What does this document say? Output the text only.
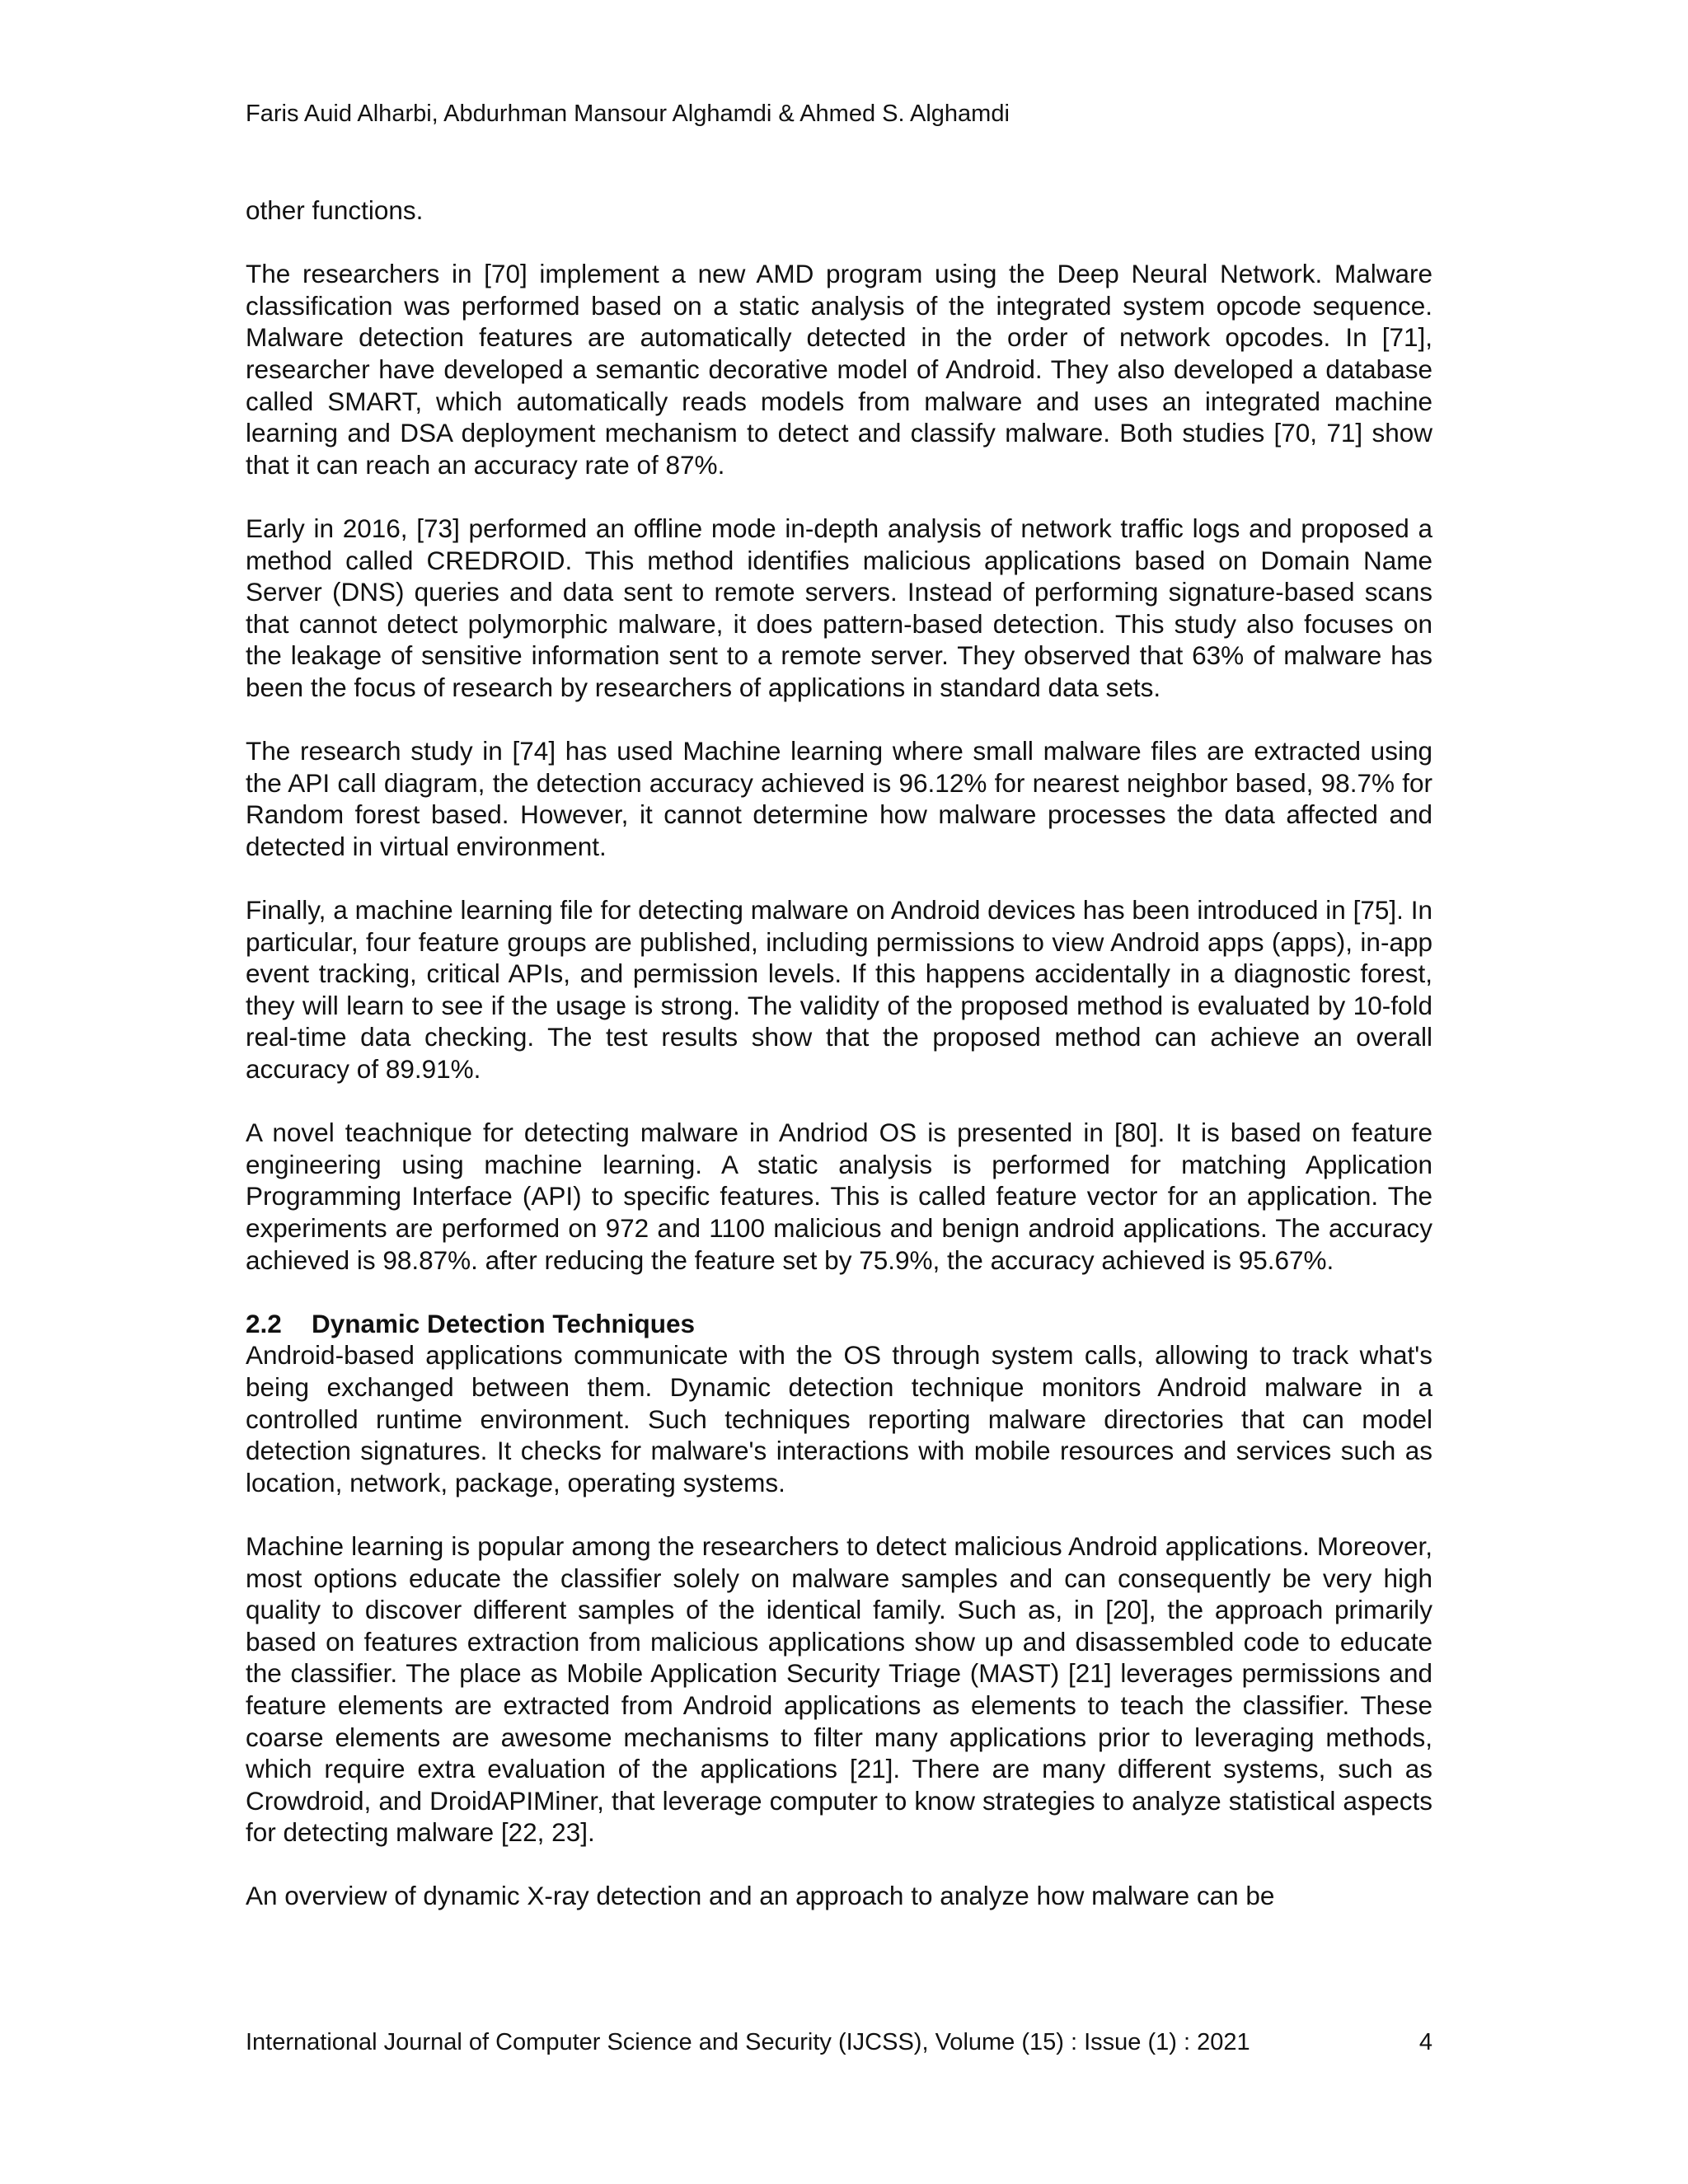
Faris Auid Alharbi, Abdurhman Mansour Alghamdi & Ahmed S. Alghamdi

other functions.

The researchers in [70] implement a new AMD program using the Deep Neural Network. Malware classification was performed based on a static analysis of the integrated system opcode sequence. Malware detection features are automatically detected in the order of network opcodes. In [71], researcher have developed a semantic decorative model of Android. They also developed a database called SMART, which automatically reads models from malware and uses an integrated machine learning and DSA deployment mechanism to detect and classify malware. Both studies [70, 71] show that it can reach an accuracy rate of 87%.

Early in 2016, [73] performed an offline mode in-depth analysis of network traffic logs and proposed a method called CREDROID. This method identifies malicious applications based on Domain Name Server (DNS) queries and data sent to remote servers. Instead of performing signature-based scans that cannot detect polymorphic malware, it does pattern-based detection. This study also focuses on the leakage of sensitive information sent to a remote server. They observed that 63% of malware has been the focus of research by researchers of applications in standard data sets.

The research study in [74] has used Machine learning where small malware files are extracted using the API call diagram, the detection accuracy achieved is 96.12% for nearest neighbor based, 98.7% for Random forest based. However, it cannot determine how malware processes the data affected and detected in virtual environment.

Finally, a machine learning file for detecting malware on Android devices has been introduced in [75]. In particular, four feature groups are published, including permissions to view Android apps (apps), in-app event tracking, critical APIs, and permission levels. If this happens accidentally in a diagnostic forest, they will learn to see if the usage is strong. The validity of the proposed method is evaluated by 10-fold real-time data checking. The test results show that the proposed method can achieve an overall accuracy of 89.91%.

A novel teachnique for detecting malware in Andriod OS is presented in [80]. It is based on feature engineering using machine learning. A static analysis is performed for matching Application Programming Interface (API) to specific features. This is called feature vector for an application. The experiments are performed on 972 and 1100 malicious and benign android applications. The accuracy achieved is 98.87%. after reducing the feature set by 75.9%, the accuracy achieved is 95.67%.

2.2 Dynamic Detection Techniques

Android-based applications communicate with the OS through system calls, allowing to track what's being exchanged between them. Dynamic detection technique monitors Android malware in a controlled runtime environment. Such techniques reporting malware directories that can model detection signatures. It checks for malware's interactions with mobile resources and services such as location, network, package, operating systems.

Machine learning is popular among the researchers to detect malicious Android applications. Moreover, most options educate the classifier solely on malware samples and can consequently be very high quality to discover different samples of the identical family. Such as, in [20], the approach primarily based on features extraction from malicious applications show up and disassembled code to educate the classifier. The place as Mobile Application Security Triage (MAST) [21] leverages permissions and feature elements are extracted from Android applications as elements to teach the classifier. These coarse elements are awesome mechanisms to filter many applications prior to leveraging methods, which require extra evaluation of the applications [21]. There are many different systems, such as Crowdroid, and DroidAPIMiner, that leverage computer to know strategies to analyze statistical aspects for detecting malware [22, 23].

An overview of dynamic X-ray detection and an approach to analyze how malware can be

International Journal of Computer Science and Security (IJCSS), Volume (15) : Issue (1) : 2021	4
